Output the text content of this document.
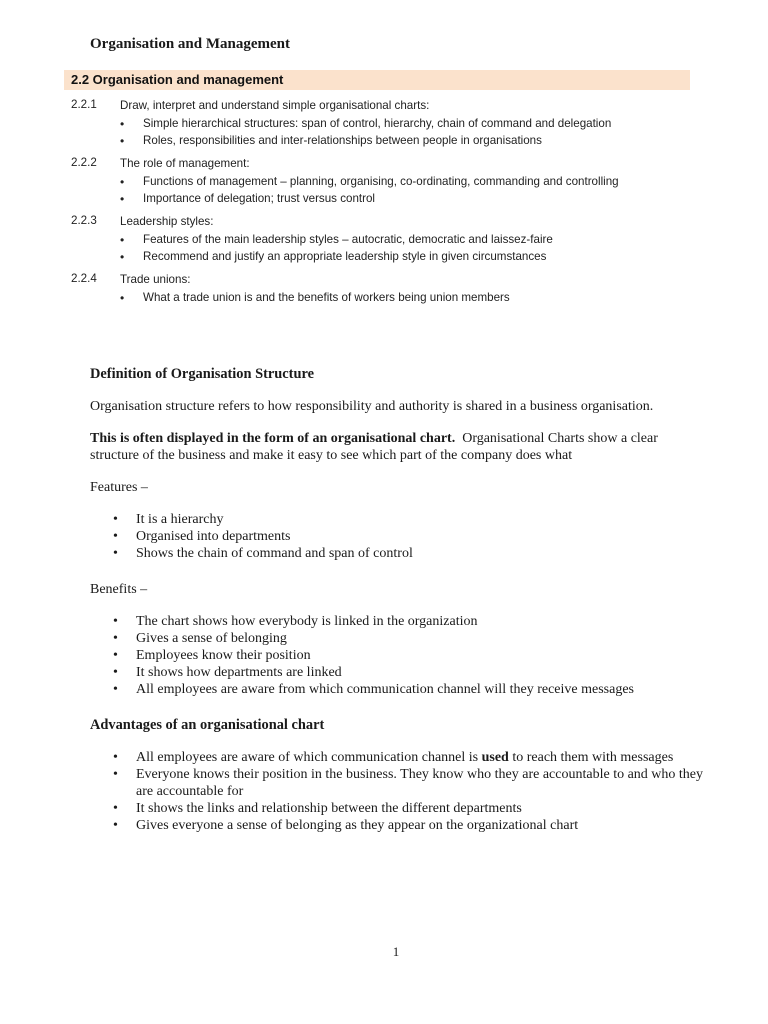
Organisation and Management
2.2 Organisation and management
2.2.1 Draw, interpret and understand simple organisational charts:
• Simple hierarchical structures: span of control, hierarchy, chain of command and delegation
• Roles, responsibilities and inter-relationships between people in organisations
2.2.2 The role of management:
• Functions of management – planning, organising, co-ordinating, commanding and controlling
• Importance of delegation; trust versus control
2.2.3 Leadership styles:
• Features of the main leadership styles – autocratic, democratic and laissez-faire
• Recommend and justify an appropriate leadership style in given circumstances
2.2.4 Trade unions:
• What a trade union is and the benefits of workers being union members
Definition of Organisation Structure

Organisation structure refers to how responsibility and authority is shared in a business organisation.

This is often displayed in the form of an organisational chart. Organisational Charts show a clear structure of the business and make it easy to see which part of the company does what

Features –

• It is a hierarchy
• Organised into departments
• Shows the chain of command and span of control

Benefits –

• The chart shows how everybody is linked in the organization
• Gives a sense of belonging
• Employees know their position
• It shows how departments are linked
• All employees are aware from which communication channel will they receive messages
Advantages of an organisational chart
• All employees are aware of which communication channel is used to reach them with messages
• Everyone knows their position in the business. They know who they are accountable to and who they are accountable for
• It shows the links and relationship between the different departments
• Gives everyone a sense of belonging as they appear on the organizational chart
1
